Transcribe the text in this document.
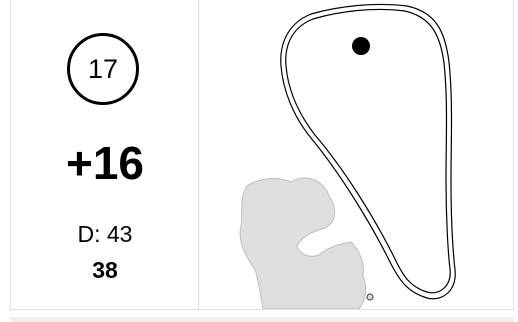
17
+16
D: 43
38
